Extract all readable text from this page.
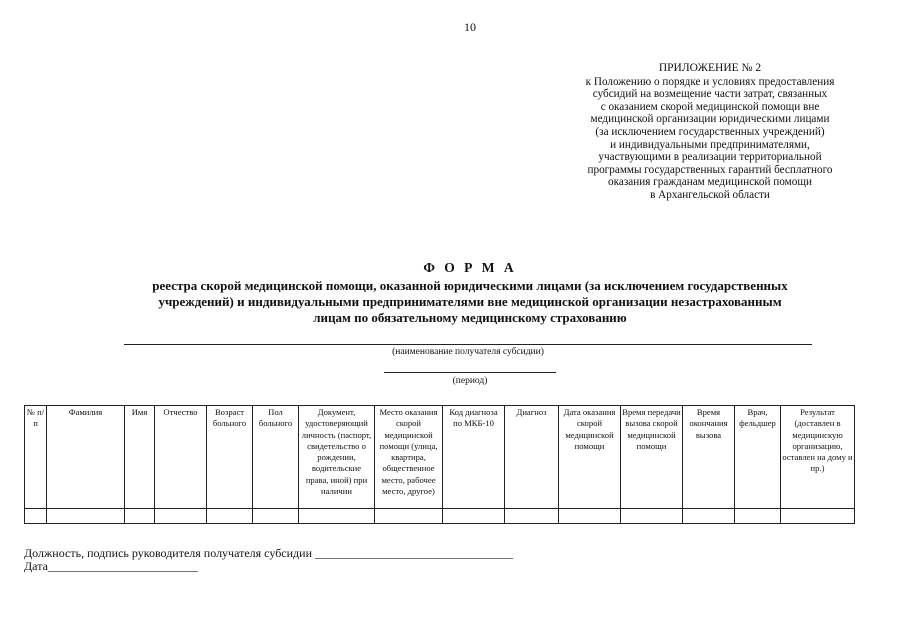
10
ПРИЛОЖЕНИЕ № 2
к Положению о порядке и условиях предоставления
субсидий на возмещение части затрат, связанных
с оказанием скорой медицинской помощи вне
медицинской организации юридическими лицами
(за исключением государственных учреждений)
и индивидуальными предпринимателями,
участвующими в реализации территориальной
программы государственных гарантий бесплатного
оказания гражданам медицинской помощи
в Архангельской области
Ф О Р М А
реестра скорой медицинской помощи, оказанной юридическими лицами (за исключением государственных
учреждений) и индивидуальными предпринимателями вне медицинской организации незастрахованным
лицам по обязательному медицинскому страхованию
(наименование получателя субсидии)
(период)
№ п/п	Фамилия	Имя	Отчество	Возраст больного	Пол больного	Документ, удостоверяющий личность (паспорт, свидетельство о рождении, водительские права, иной) при наличии	Место оказания скорой медицинской помощи (улица, квартира, общественное место, рабочее место, другое)	Код диагноза по МКБ-10	Диагноз	Дата оказания скорой медицинской помощи	Время передачи вызова скорой медицинской помощи	Время окончания вызова	Врач, фельдшер	Результат (доставлен в медицинскую организацию, оставлен на дому и пр.)

Должность, подпись руководителя получателя субсидии _________________________________
Дата_________________________
